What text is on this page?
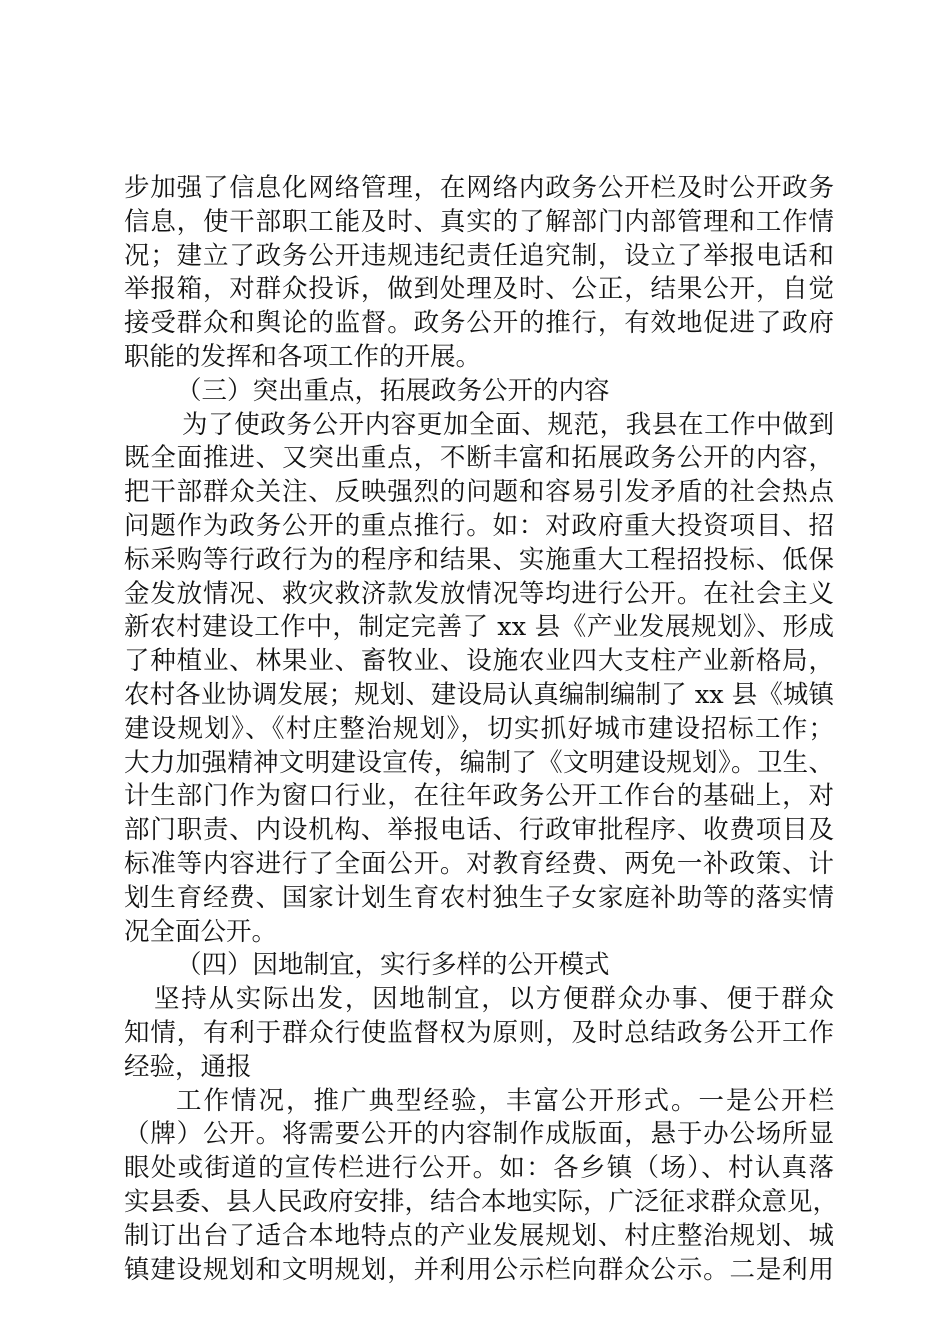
步加强了信息化网络管理，在网络内政务公开栏及时公开政务
信息，使干部职工能及时、真实的了解部门内部管理和工作情
况；建立了政务公开违规违纪责任追究制，设立了举报电话和
举报箱，对群众投诉，做到处理及时、公正，结果公开，自觉
接受群众和舆论的监督。政务公开的推行，有效地促进了政府
职能的发挥和各项工作的开展。
（三）突出重点，拓展政务公开的内容
为了使政务公开内容更加全面、规范，我县在工作中做到
既全面推进、又突出重点，不断丰富和拓展政务公开的内容，
把干部群众关注、反映强烈的问题和容易引发矛盾的社会热点
问题作为政务公开的重点推行。如：对政府重大投资项目、招
标采购等行政行为的程序和结果、实施重大工程招投标、低保
金发放情况、救灾救济款发放情况等均进行公开。在社会主义
新农村建设工作中，制定完善了 xx 县《产业发展规划》、形成
了种植业、林果业、畜牧业、设施农业四大支柱产业新格局，
农村各业协调发展；规划、建设局认真编制编制了 xx 县《城镇
建设规划》、《村庄整治规划》，切实抓好城市建设招标工作；
大力加强精神文明建设宣传，编制了《文明建设规划》。卫生、
计生部门作为窗口行业，在往年政务公开工作台的基础上，对
部门职责、内设机构、举报电话、行政审批程序、收费项目及
标准等内容进行了全面公开。对教育经费、两免一补政策、计
划生育经费、国家计划生育农村独生子女家庭补助等的落实情
况全面公开。
（四）因地制宜，实行多样的公开模式
坚持从实际出发，因地制宜，以方便群众办事、便于群众
知情，有利于群众行使监督权为原则，及时总结政务公开工作
经验，通报
工作情况，推广典型经验，丰富公开形式。一是公开栏
（牌）公开。将需要公开的内容制作成版面，悬于办公场所显
眼处或街道的宣传栏进行公开。如：各乡镇（场）、村认真落
实县委、县人民政府安排，结合本地实际，广泛征求群众意见，
制订出台了适合本地特点的产业发展规划、村庄整治规划、城
镇建设规划和文明规划，并利用公示栏向群众公示。二是利用
